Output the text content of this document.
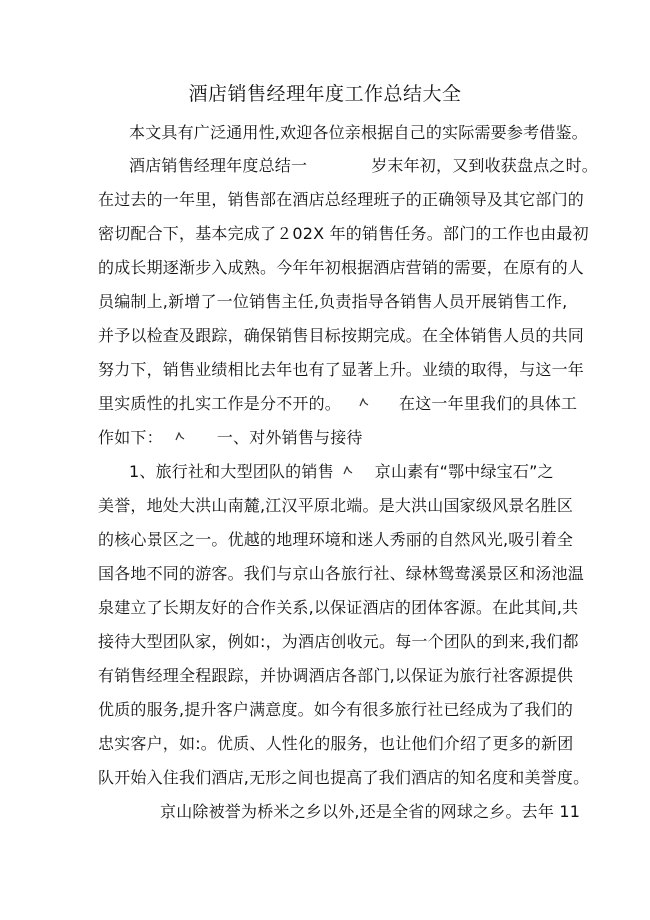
酒店销售经理年度工作总结大全
本文具有广泛通用性,欢迎各位亲根据自己的实际需要参考借鉴。
酒店销售经理年度总结一	岁末年初，又到收获盘点之时。
在过去的一年里，销售部在酒店总经理班子的正确领导及其它部门的
密切配合下，基本完成了２02X 年的销售任务。部门的工作也由最初
的成长期逐渐步入成熟。今年年初根据酒店营销的需要，在原有的人
员编制上,新增了一位销售主任,负责指导各销售人员开展销售工作,
并予以检查及跟踪，确保销售目标按期完成。在全体销售人员的共同
努力下，销售业绩相比去年也有了显著上升。业绩的取得，与这一年
里实质性的扎实工作是分不开的。	在这一年里我们的具体工
作如下：	一、对外销售与接待
1、旅行社和大型团队的销售	京山素有“鄂中绿宝石”之
美誉，地处大洪山南麓,江汉平原北端。是大洪山国家级风景名胜区
的核心景区之一。优越的地理环境和迷人秀丽的自然风光,吸引着全
国各地不同的游客。我们与京山各旅行社、绿林鸳鸯溪景区和汤池温
泉建立了长期友好的合作关系,以保证酒店的团体客源。在此其间,共
接待大型团队家，例如:，为酒店创收元。每一个团队的到来,我们都
有销售经理全程跟踪，并协调酒店各部门,以保证为旅行社客源提供
优质的服务,提升客户满意度。如今有很多旅行社已经成为了我们的
忠实客户，如:。优质、人性化的服务，也让他们介绍了更多的新团
队开始入住我们酒店,无形之间也提高了我们酒店的知名度和美誉度。
京山除被誉为桥米之乡以外,还是全省的网球之乡。去年 11
